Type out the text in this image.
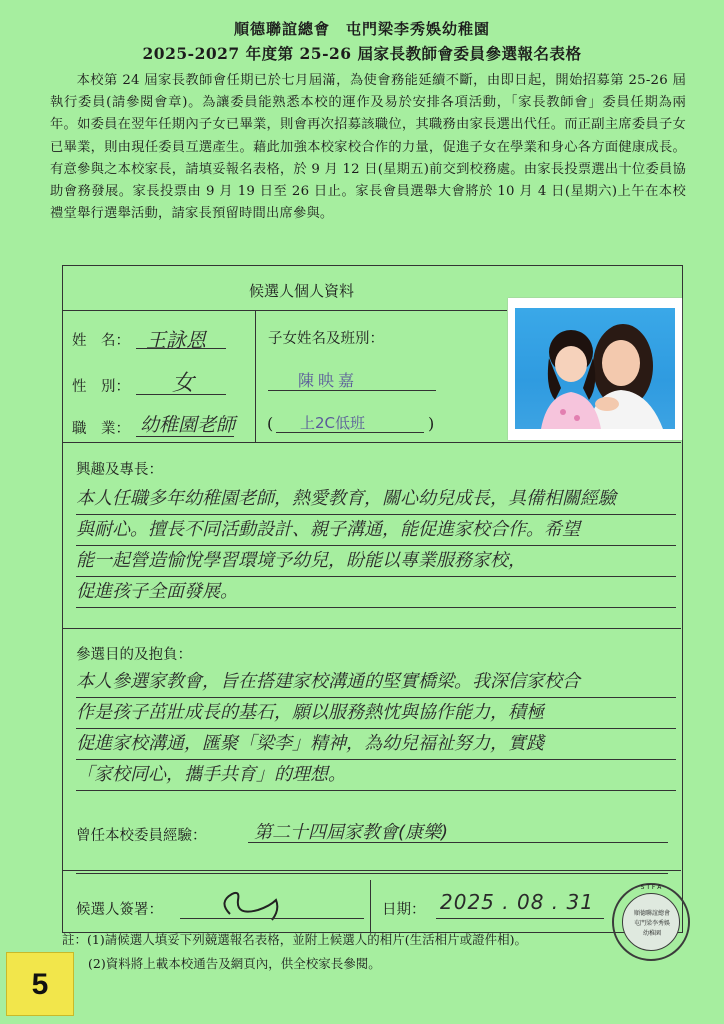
順德聯誼總會　屯門梁李秀娛幼稚園
2025-2027 年度第 25-26 屆家長教師會委員參選報名表格
本校第 24 屆家長教師會任期已於七月屆滿，為使會務能延續不斷，由即日起，開始招募第 25-26 屆執行委員(請參閱會章)。為讓委員能熟悉本校的運作及易於安排各項活動，「家長教師會」委員任期為兩年。如委員在翌年任期內子女已畢業，則會再次招募該職位，其職務由家長選出代任。而正副主席委員子女已畢業，則由現任委員互選產生。藉此加強本校家校合作的力量，促進子女在學業和身心各方面健康成長。有意參與之本校家長，請填妥報名表格，於 9 月 12 日(星期五)前交到校務處。由家長投票選出十位委員協助會務發展。家長投票由 9 月 19 日至 26 日止。家長會員選舉大會將於 10 月 4 日(星期六)上午在本校禮堂舉行選舉活動，請家長預留時間出席參與。
候選人個人資料
姓　名： 王詠恩
性　別： 女
職　業： 幼稚園老師
子女姓名及班別：
陳映嘉
( 上2C低班	)
興趣及專長：
本人任職多年幼稚園老師，熱愛教育，關心幼兒成長，具備相關經驗
與耐心。擅長不同活動設計、親子溝通，能促進家校合作。希望
能一起營造愉悅學習環境予幼兒，盼能以專業服務家校，
促進孩子全面發展。
參選目的及抱負：
本人參選家教會，旨在搭建家校溝通的堅實橋梁。我深信家校合
作是孩子茁壯成長的基石，願以服務熱忱與協作能力，積極
促進家校溝通，匯聚「梁李」精神，為幼兒福祉努力，實踐
「家校同心，攜手共育」的理想。
曾任本校委員經驗：	第二十四屆家教會(康樂)
候選人簽署：	日期： 2025 . 08 . 31
S T F A
順德聯誼總會
屯門梁李秀娛
幼稚園
註：(1)請候選人填妥下列競選報名表格，並附上候選人的相片(生活相片或證件相)。
(2)資料將上載本校通告及網頁內，供全校家長參閱。
5
